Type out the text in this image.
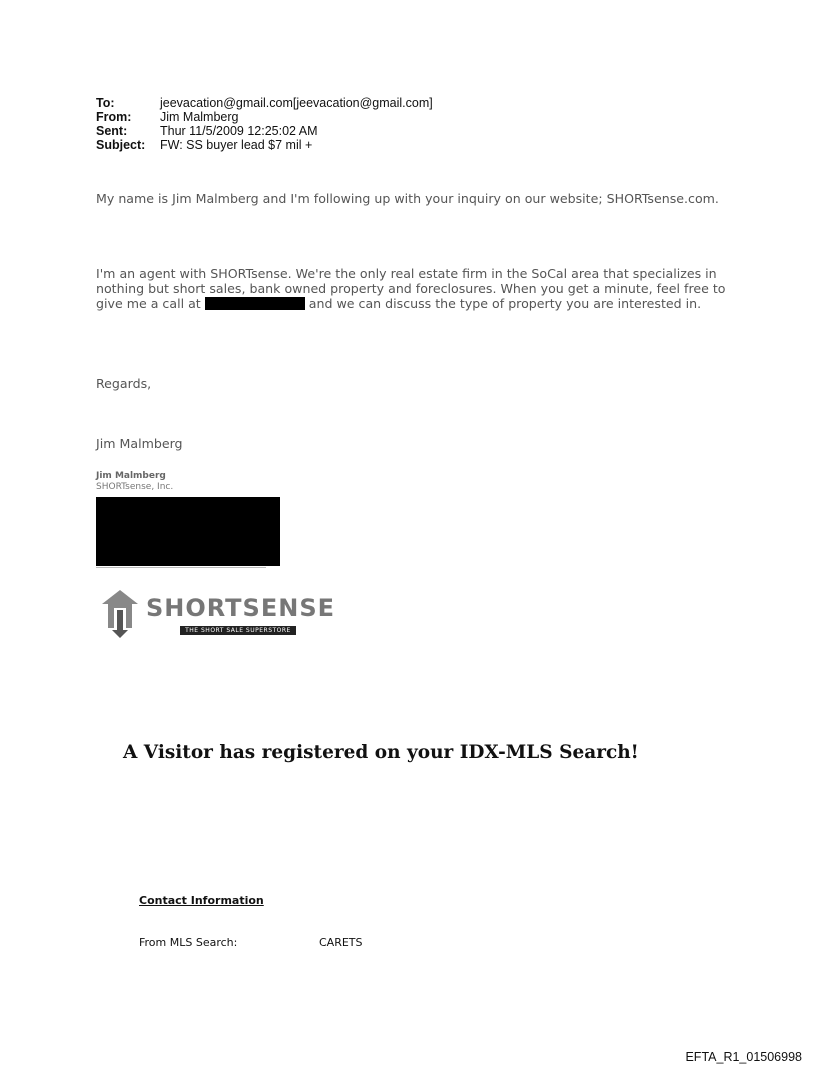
To:	jeevacation@gmail.com[jeevacation@gmail.com]
From:	Jim Malmberg
Sent:	Thur 11/5/2009 12:25:02 AM
Subject:	FW: SS buyer lead $7 mil +
My name is Jim Malmberg and I'm following up with your inquiry on our website; SHORTsense.com.
I'm an agent with SHORTsense. We're the only real estate firm in the SoCal area that specializes in nothing but short sales, bank owned property and foreclosures. When you get a minute, feel free to give me a call at	and we can discuss the type of property you are interested in.
Regards,
Jim Malmberg
Jim Malmberg
SHORTsense, Inc.
SHORTSENSE
THE SHORT SALE SUPERSTORE
A Visitor has registered on your IDX-MLS Search!
Contact Information
From MLS Search:	CARETS
EFTA_R1_01506998
